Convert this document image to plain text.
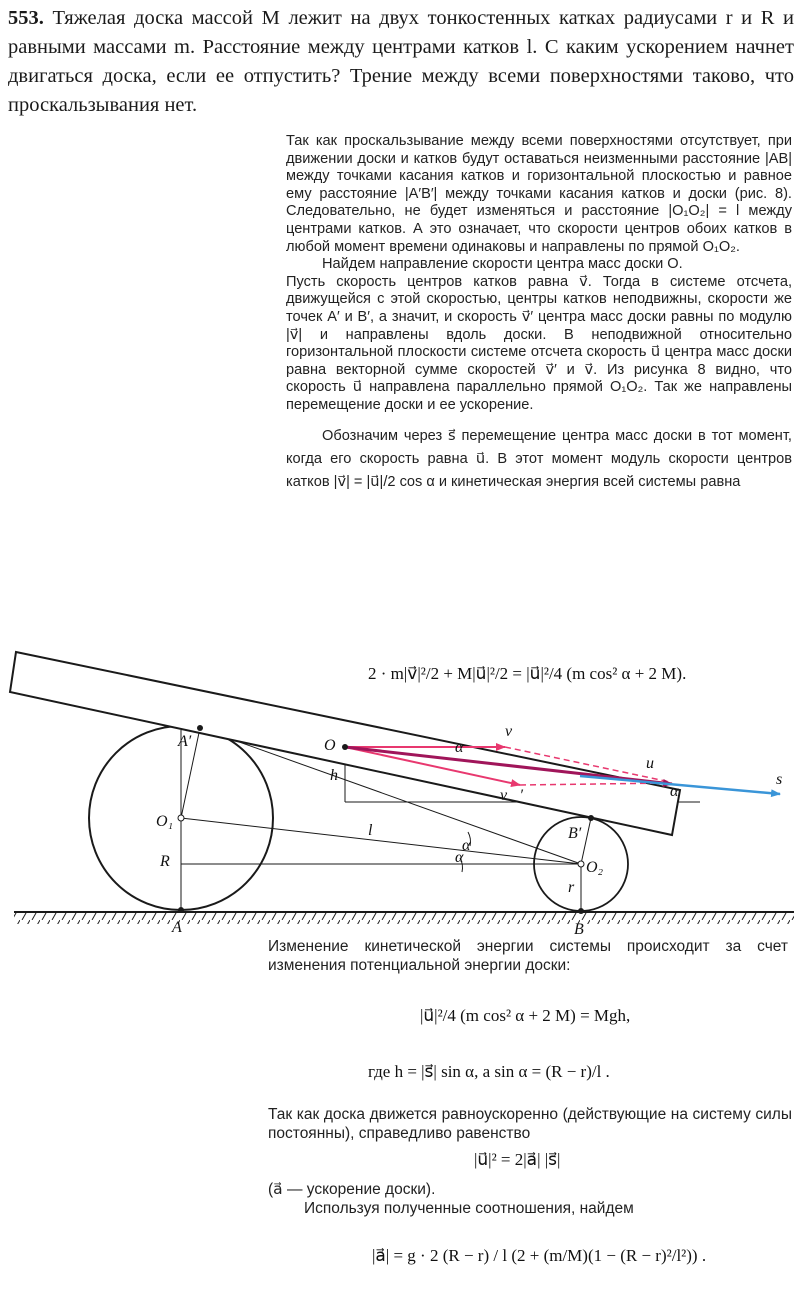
553. Тяжелая доска массой M лежит на двух тонкостенных катках радиусами r и R и равными массами m. Расстояние между центрами катков l. С каким ускорением начнет двигаться доска, если ее отпустить? Трение между всеми поверхностями таково, что проскальзывания нет.

Так как проскальзывание между всеми поверхностями отсутствует, при движении доски и катков будут оставаться неизменными расстояние |AB| между точками касания катков и горизонтальной плоскостью и равное ему расстояние |A′B′| между точками касания катков и доски (рис. 8). Следовательно, не будет изменяться и расстояние |O₁O₂| = l между центрами катков. А это означает, что скорости центров обоих катков в любой момент времени одинаковы и направлены по прямой O₁O₂.

Найдем направление скорости центра масс доски O.

Пусть скорость центров катков равна v⃗. Тогда в системе отсчета, движущейся с этой скоростью, центры катков неподвижны, скорости же точек A′ и B′, а значит, и скорость v⃗′ центра масс доски равны по модулю |v⃗| и направлены вдоль доски. В неподвижной относительно горизонтальной плоскости системе отсчета скорость u⃗ центра масс доски равна векторной сумме скоростей v⃗′ и v⃗. Из рисунка 8 видно, что скорость u⃗ направлена параллельно прямой O₁O₂. Так же направлены перемещение доски и ее ускорение.

Обозначим через s⃗ перемещение центра масс доски в тот момент, когда его скорость равна u⃗. В этот момент модуль скорости центров катков |v⃗| = |u⃗|/2 cos α и кинетическая энергия всей системы равна

2 · m|v⃗|²/2 + M|u⃗|²/2 = |u⃗|²/4 (m cos² α + 2 M).
A′
O₁
R
A
l
α
α
O
h
v⃗
v⃗′
u⃗
α
α
s⃗
B′
O₂
r
B

Изменение кинетической энергии системы происходит за счет изменения потенциальной энергии доски:

|u⃗|²/4 (m cos² α + 2 M) = Mgh,
где h = |s⃗| sin α, а sin α = (R − r)/l .

Так как доска движется равноускоренно (действующие на систему силы постоянны), справедливо равенство

|u⃗|² = 2|a⃗| |s⃗|

(a⃗ — ускорение доски).

Используя полученные соотношения, найдем

|a⃗| = g · 2 (R − r) / l (2 + (m/M)(1 − (R − r)²/l²)) .
